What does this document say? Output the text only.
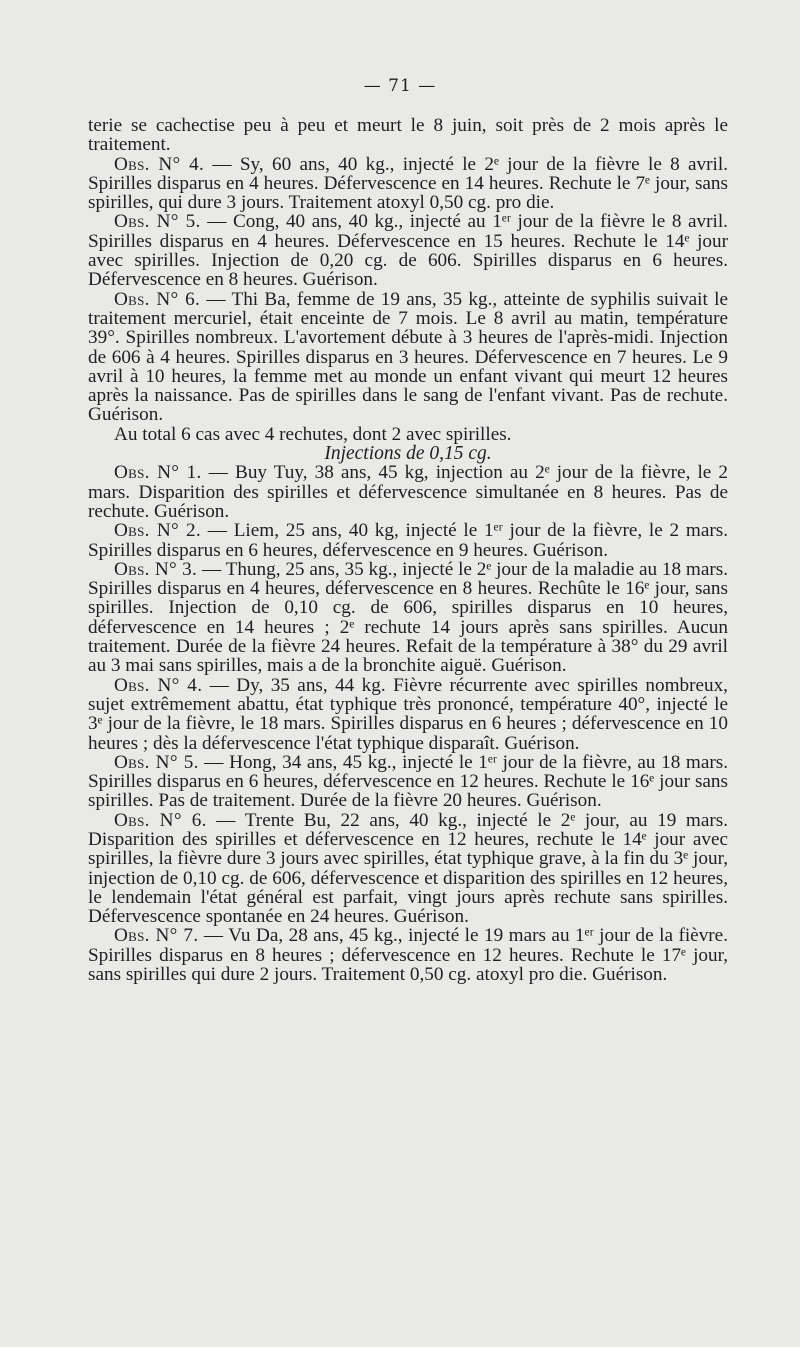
— 71 —

terie se cachectise peu à peu et meurt le 8 juin, soit près de 2 mois après le traitement.

Obs. N° 4. — Sy, 60 ans, 40 kg., injecté le 2ᵉ jour de la fièvre le 8 avril. Spirilles disparus en 4 heures. Défervescence en 14 heures. Rechute le 7ᵉ jour, sans spirilles, qui dure 3 jours. Traitement atoxyl 0,50 cg. pro die.

Obs. N° 5. — Cong, 40 ans, 40 kg., injecté au 1ᵉʳ jour de la fièvre le 8 avril. Spirilles disparus en 4 heures. Défervescence en 15 heures. Rechute le 14ᵉ jour avec spirilles. Injection de 0,20 cg. de 606. Spirilles disparus en 6 heures. Défervescence en 8 heures. Guérison.

Obs. N° 6. — Thi Ba, femme de 19 ans, 35 kg., atteinte de syphilis suivait le traitement mercuriel, était enceinte de 7 mois. Le 8 avril au matin, température 39°. Spirilles nombreux. L'avortement débute à 3 heures de l'après-midi. Injection de 606 à 4 heures. Spirilles disparus en 3 heures. Défervescence en 7 heures. Le 9 avril à 10 heures, la femme met au monde un enfant vivant qui meurt 12 heures après la naissance. Pas de spirilles dans le sang de l'enfant vivant. Pas de rechute. Guérison.

Au total 6 cas avec 4 rechutes, dont 2 avec spirilles.

Injections de 0,15 cg.

Obs. N° 1. — Buy Tuy, 38 ans, 45 kg, injection au 2ᵉ jour de la fièvre, le 2 mars. Disparition des spirilles et défervescence simultanée en 8 heures. Pas de rechute. Guérison.

Obs. N° 2. — Liem, 25 ans, 40 kg, injecté le 1ᵉʳ jour de la fièvre, le 2 mars. Spirilles disparus en 6 heures, défervescence en 9 heures. Guérison.

Obs. N° 3. — Thung, 25 ans, 35 kg., injecté le 2ᵉ jour de la maladie au 18 mars. Spirilles disparus en 4 heures, défervescence en 8 heures. Rechûte le 16ᵉ jour, sans spirilles. Injection de 0,10 cg. de 606, spirilles disparus en 10 heures, défervescence en 14 heures ; 2ᵉ rechute 14 jours après sans spirilles. Aucun traitement. Durée de la fièvre 24 heures. Refait de la température à 38° du 29 avril au 3 mai sans spirilles, mais a de la bronchite aiguë. Guérison.

Obs. N° 4. — Dy, 35 ans, 44 kg. Fièvre récurrente avec spirilles nombreux, sujet extrêmement abattu, état typhique très prononcé, température 40°, injecté le 3ᵉ jour de la fièvre, le 18 mars. Spirilles disparus en 6 heures ; défervescence en 10 heures ; dès la défervescence l'état typhique disparaît. Guérison.

Obs. N° 5. — Hong, 34 ans, 45 kg., injecté le 1ᵉʳ jour de la fièvre, au 18 mars. Spirilles disparus en 6 heures, défervescence en 12 heures. Rechute le 16ᵉ jour sans spirilles. Pas de traitement. Durée de la fièvre 20 heures. Guérison.

Obs. N° 6. — Trente Bu, 22 ans, 40 kg., injecté le 2ᵉ jour, au 19 mars. Disparition des spirilles et défervescence en 12 heures, rechute le 14ᵉ jour avec spirilles, la fièvre dure 3 jours avec spirilles, état typhique grave, à la fin du 3ᵉ jour, injection de 0,10 cg. de 606, défervescence et disparition des spirilles en 12 heures, le lendemain l'état général est parfait, vingt jours après rechute sans spirilles. Défervescence spontanée en 24 heures. Guérison.

Obs. N° 7. — Vu Da, 28 ans, 45 kg., injecté le 19 mars au 1ᵉʳ jour de la fièvre. Spirilles disparus en 8 heures ; défervescence en 12 heures. Rechute le 17ᵉ jour, sans spirilles qui dure 2 jours. Traitement 0,50 cg. atoxyl pro die. Guérison.
